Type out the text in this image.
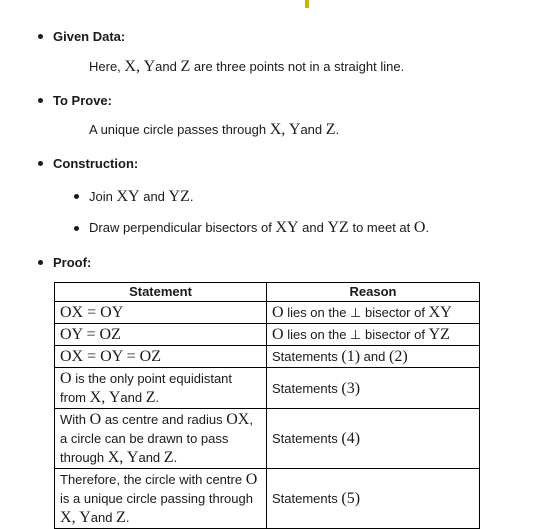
Given Data:
Here, X, Yand Z are three points not in a straight line.
To Prove:
A unique circle passes through X, Yand Z.
Construction:
Join XY and YZ.
Draw perpendicular bisectors of XY and YZ to meet at O.
Proof:
Statement	Reason
OX = OY	O lies on the ⊥ bisector of XY
OY = OZ	O lies on the ⊥ bisector of YZ
OX = OY = OZ	Statements (1) and (2)
O is the only point equidistant
from X, Yand Z.	Statements (3)
With O as centre and radius OX,
a circle can be drawn to pass
through X, Yand Z.	Statements (4)
Therefore, the circle with centre O
is a unique circle passing through
X, Yand Z.	Statements (5)
